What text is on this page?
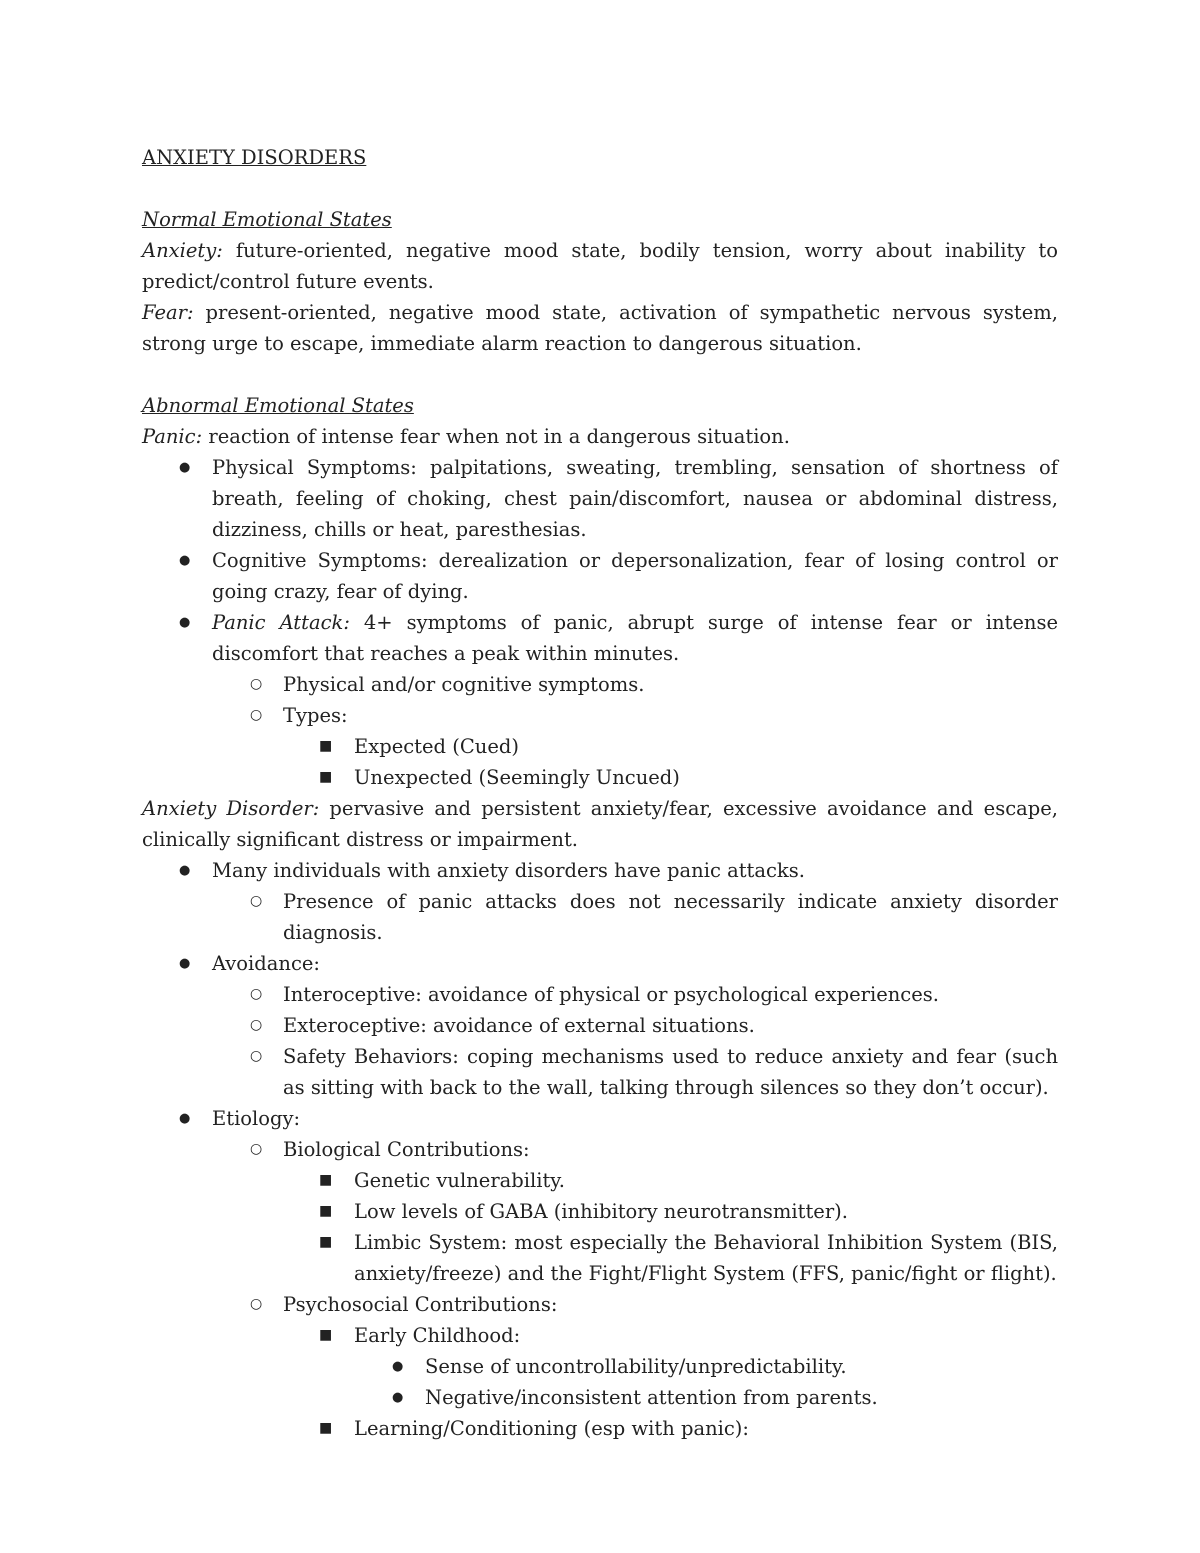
ANXIETY DISORDERS

Normal Emotional States

Anxiety: future-oriented, negative mood state, bodily tension, worry about inability to predict/control future events.

Fear: present-oriented, negative mood state, activation of sympathetic nervous system, strong urge to escape, immediate alarm reaction to dangerous situation.

Abnormal Emotional States

Panic: reaction of intense fear when not in a dangerous situation.

● Physical Symptoms: palpitations, sweating, trembling, sensation of shortness of breath, feeling of choking, chest pain/discomfort, nausea or abdominal distress, dizziness, chills or heat, paresthesias.
● Cognitive Symptoms: derealization or depersonalization, fear of losing control or going crazy, fear of dying.
● Panic Attack: 4+ symptoms of panic, abrupt surge of intense fear or intense discomfort that reaches a peak within minutes.
○ Physical and/or cognitive symptoms.
○ Types:
■ Expected (Cued)
■ Unexpected (Seemingly Uncued)

Anxiety Disorder: pervasive and persistent anxiety/fear, excessive avoidance and escape, clinically significant distress or impairment.

● Many individuals with anxiety disorders have panic attacks.
○ Presence of panic attacks does not necessarily indicate anxiety disorder diagnosis.
● Avoidance:
○ Interoceptive: avoidance of physical or psychological experiences.
○ Exteroceptive: avoidance of external situations.
○ Safety Behaviors: coping mechanisms used to reduce anxiety and fear (such as sitting with back to the wall, talking through silences so they don’t occur).
● Etiology:
○ Biological Contributions:
■ Genetic vulnerability.
■ Low levels of GABA (inhibitory neurotransmitter).
■ Limbic System: most especially the Behavioral Inhibition System (BIS, anxiety/freeze) and the Fight/Flight System (FFS, panic/fight or flight).
○ Psychosocial Contributions:
■ Early Childhood:
● Sense of uncontrollability/unpredictability.
● Negative/inconsistent attention from parents.
■ Learning/Conditioning (esp with panic):
